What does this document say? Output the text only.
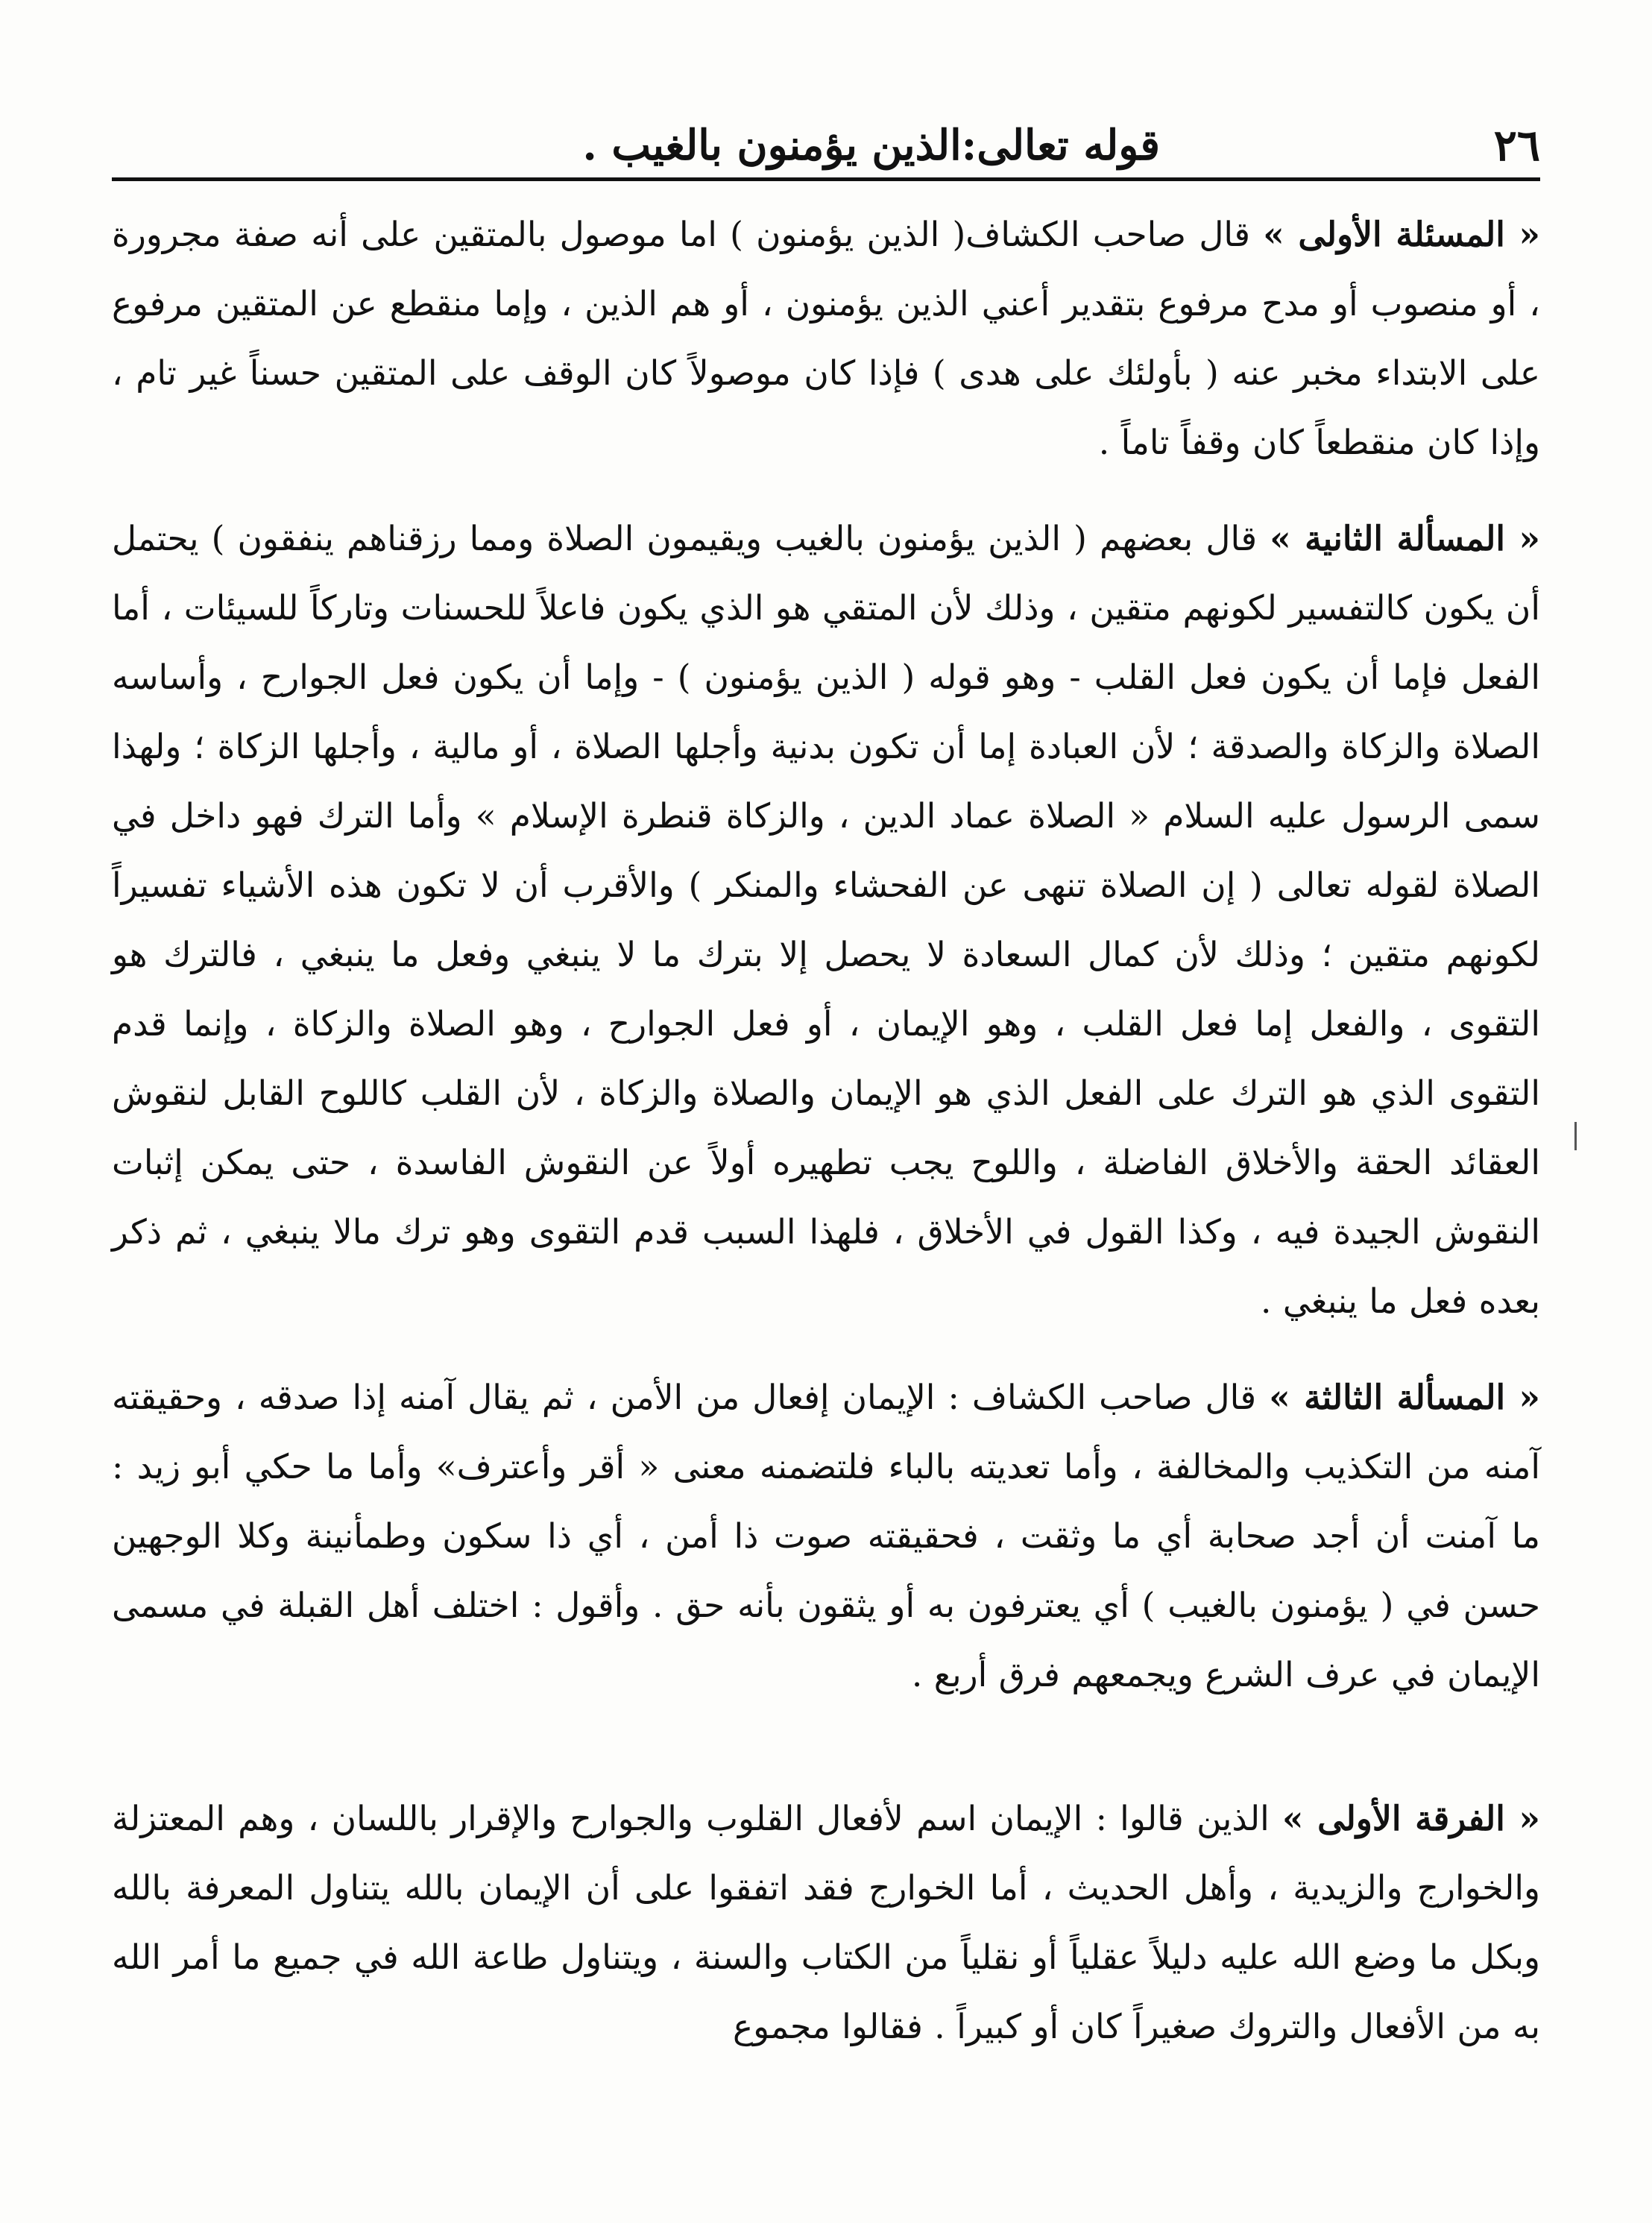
٢٦
قوله تعالى:الذين يؤمنون بالغيب .

« المسئلة الأولى » قال صاحب الكشاف( الذين يؤمنون ) اما موصول بالمتقين على أنه صفة مجرورة ، أو منصوب أو مدح مرفوع بتقدير أعني الذين يؤمنون ، أو هم الذين ، وإما منقطع عن المتقين مرفوع على الابتداء مخبر عنه ( بأولئك على هدى ) فإذا كان موصولاً كان الوقف على المتقين حسناً غير تام ، وإذا كان منقطعاً كان وقفاً تاماً .

« المسألة الثانية » قال بعضهم ( الذين يؤمنون بالغيب ويقيمون الصلاة ومما رزقناهم ينفقون ) يحتمل أن يكون كالتفسير لكونهم متقين ، وذلك لأن المتقي هو الذي يكون فاعلاً للحسنات وتاركاً للسيئات ، أما الفعل فإما أن يكون فعل القلب - وهو قوله ( الذين يؤمنون ) - وإما أن يكون فعل الجوارح ، وأساسه الصلاة والزكاة والصدقة ؛ لأن العبادة إما أن تكون بدنية وأجلها الصلاة ، أو مالية ، وأجلها الزكاة ؛ ولهذا سمى الرسول عليه السلام « الصلاة عماد الدين ، والزكاة قنطرة الإسلام » وأما الترك فهو داخل في الصلاة لقوله تعالى ( إن الصلاة تنهى عن الفحشاء والمنكر ) والأقرب أن لا تكون هذه الأشياء تفسيراً لكونهم متقين ؛ وذلك لأن كمال السعادة لا يحصل إلا بترك ما لا ينبغي وفعل ما ينبغي ، فالترك هو التقوى ، والفعل إما فعل القلب ، وهو الإيمان ، أو فعل الجوارح ، وهو الصلاة والزكاة ، وإنما قدم التقوى الذي هو الترك على الفعل الذي هو الإيمان والصلاة والزكاة ، لأن القلب كاللوح القابل لنقوش العقائد الحقة والأخلاق الفاضلة ، واللوح يجب تطهيره أولاً عن النقوش الفاسدة ، حتى يمكن إثبات النقوش الجيدة فيه ، وكذا القول في الأخلاق ، فلهذا السبب قدم التقوى وهو ترك مالا ينبغي ، ثم ذكر بعده فعل ما ينبغي .

« المسألة الثالثة » قال صاحب الكشاف : الإيمان إفعال من الأمن ، ثم يقال آمنه إذا صدقه ، وحقيقته آمنه من التكذيب والمخالفة ، وأما تعديته بالباء فلتضمنه معنى « أقر وأعترف» وأما ما حكي أبو زيد : ما آمنت أن أجد صحابة أي ما وثقت ، فحقيقته صوت ذا أمن ، أي ذا سكون وطمأنينة وكلا الوجهين حسن في ( يؤمنون بالغيب ) أي يعترفون به أو يثقون بأنه حق . وأقول : اختلف أهل القبلة في مسمى الإيمان في عرف الشرع ويجمعهم فرق أربع .

« الفرقة الأولى » الذين قالوا : الإيمان اسم لأفعال القلوب والجوارح والإقرار باللسان ، وهم المعتزلة والخوارج والزيدية ، وأهل الحديث ، أما الخوارج فقد اتفقوا على أن الإيمان بالله يتناول المعرفة بالله وبكل ما وضع الله عليه دليلاً عقلياً أو نقلياً من الكتاب والسنة ، ويتناول طاعة الله في جميع ما أمر الله به من الأفعال والتروك صغيراً كان أو كبيراً . فقالوا مجموع
